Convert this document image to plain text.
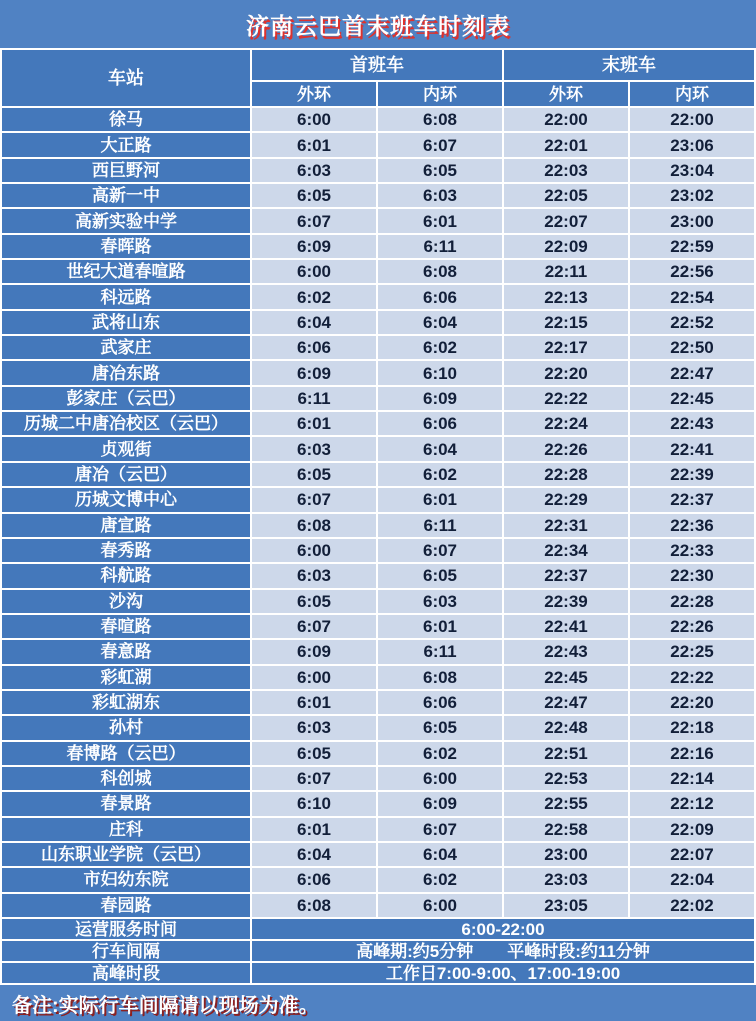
济南云巴首末班车时刻表
车站
首班车	末班车
外环	内环	外环	内环
徐马	6:00	6:08	22:00	22:00
大正路	6:01	6:07	22:01	23:06
西巨野河	6:03	6:05	22:03	23:04
高新一中	6:05	6:03	22:05	23:02
高新实验中学	6:07	6:01	22:07	23:00
春晖路	6:09	6:11	22:09	22:59
世纪大道春喧路	6:00	6:08	22:11	22:56
科远路	6:02	6:06	22:13	22:54
武将山东	6:04	6:04	22:15	22:52
武家庄	6:06	6:02	22:17	22:50
唐冶东路	6:09	6:10	22:20	22:47
彭家庄（云巴）	6:11	6:09	22:22	22:45
历城二中唐冶校区（云巴）	6:01	6:06	22:24	22:43
贞观街	6:03	6:04	22:26	22:41
唐冶（云巴）	6:05	6:02	22:28	22:39
历城文博中心	6:07	6:01	22:29	22:37
唐宣路	6:08	6:11	22:31	22:36
春秀路	6:00	6:07	22:34	22:33
科航路	6:03	6:05	22:37	22:30
沙沟	6:05	6:03	22:39	22:28
春喧路	6:07	6:01	22:41	22:26
春意路	6:09	6:11	22:43	22:25
彩虹湖	6:00	6:08	22:45	22:22
彩虹湖东	6:01	6:06	22:47	22:20
孙村	6:03	6:05	22:48	22:18
春博路（云巴）	6:05	6:02	22:51	22:16
科创城	6:07	6:00	22:53	22:14
春景路	6:10	6:09	22:55	22:12
庄科	6:01	6:07	22:58	22:09
山东职业学院（云巴）	6:04	6:04	23:00	22:07
市妇幼东院	6:06	6:02	23:03	22:04
春园路	6:08	6:00	23:05	22:02
运营服务时间	6:00-22:00
行车间隔	高峰期:约5分钟　　平峰时段:约11分钟
高峰时段	工作日7:00-9:00、17:00-19:00
备注:实际行车间隔请以现场为准。
